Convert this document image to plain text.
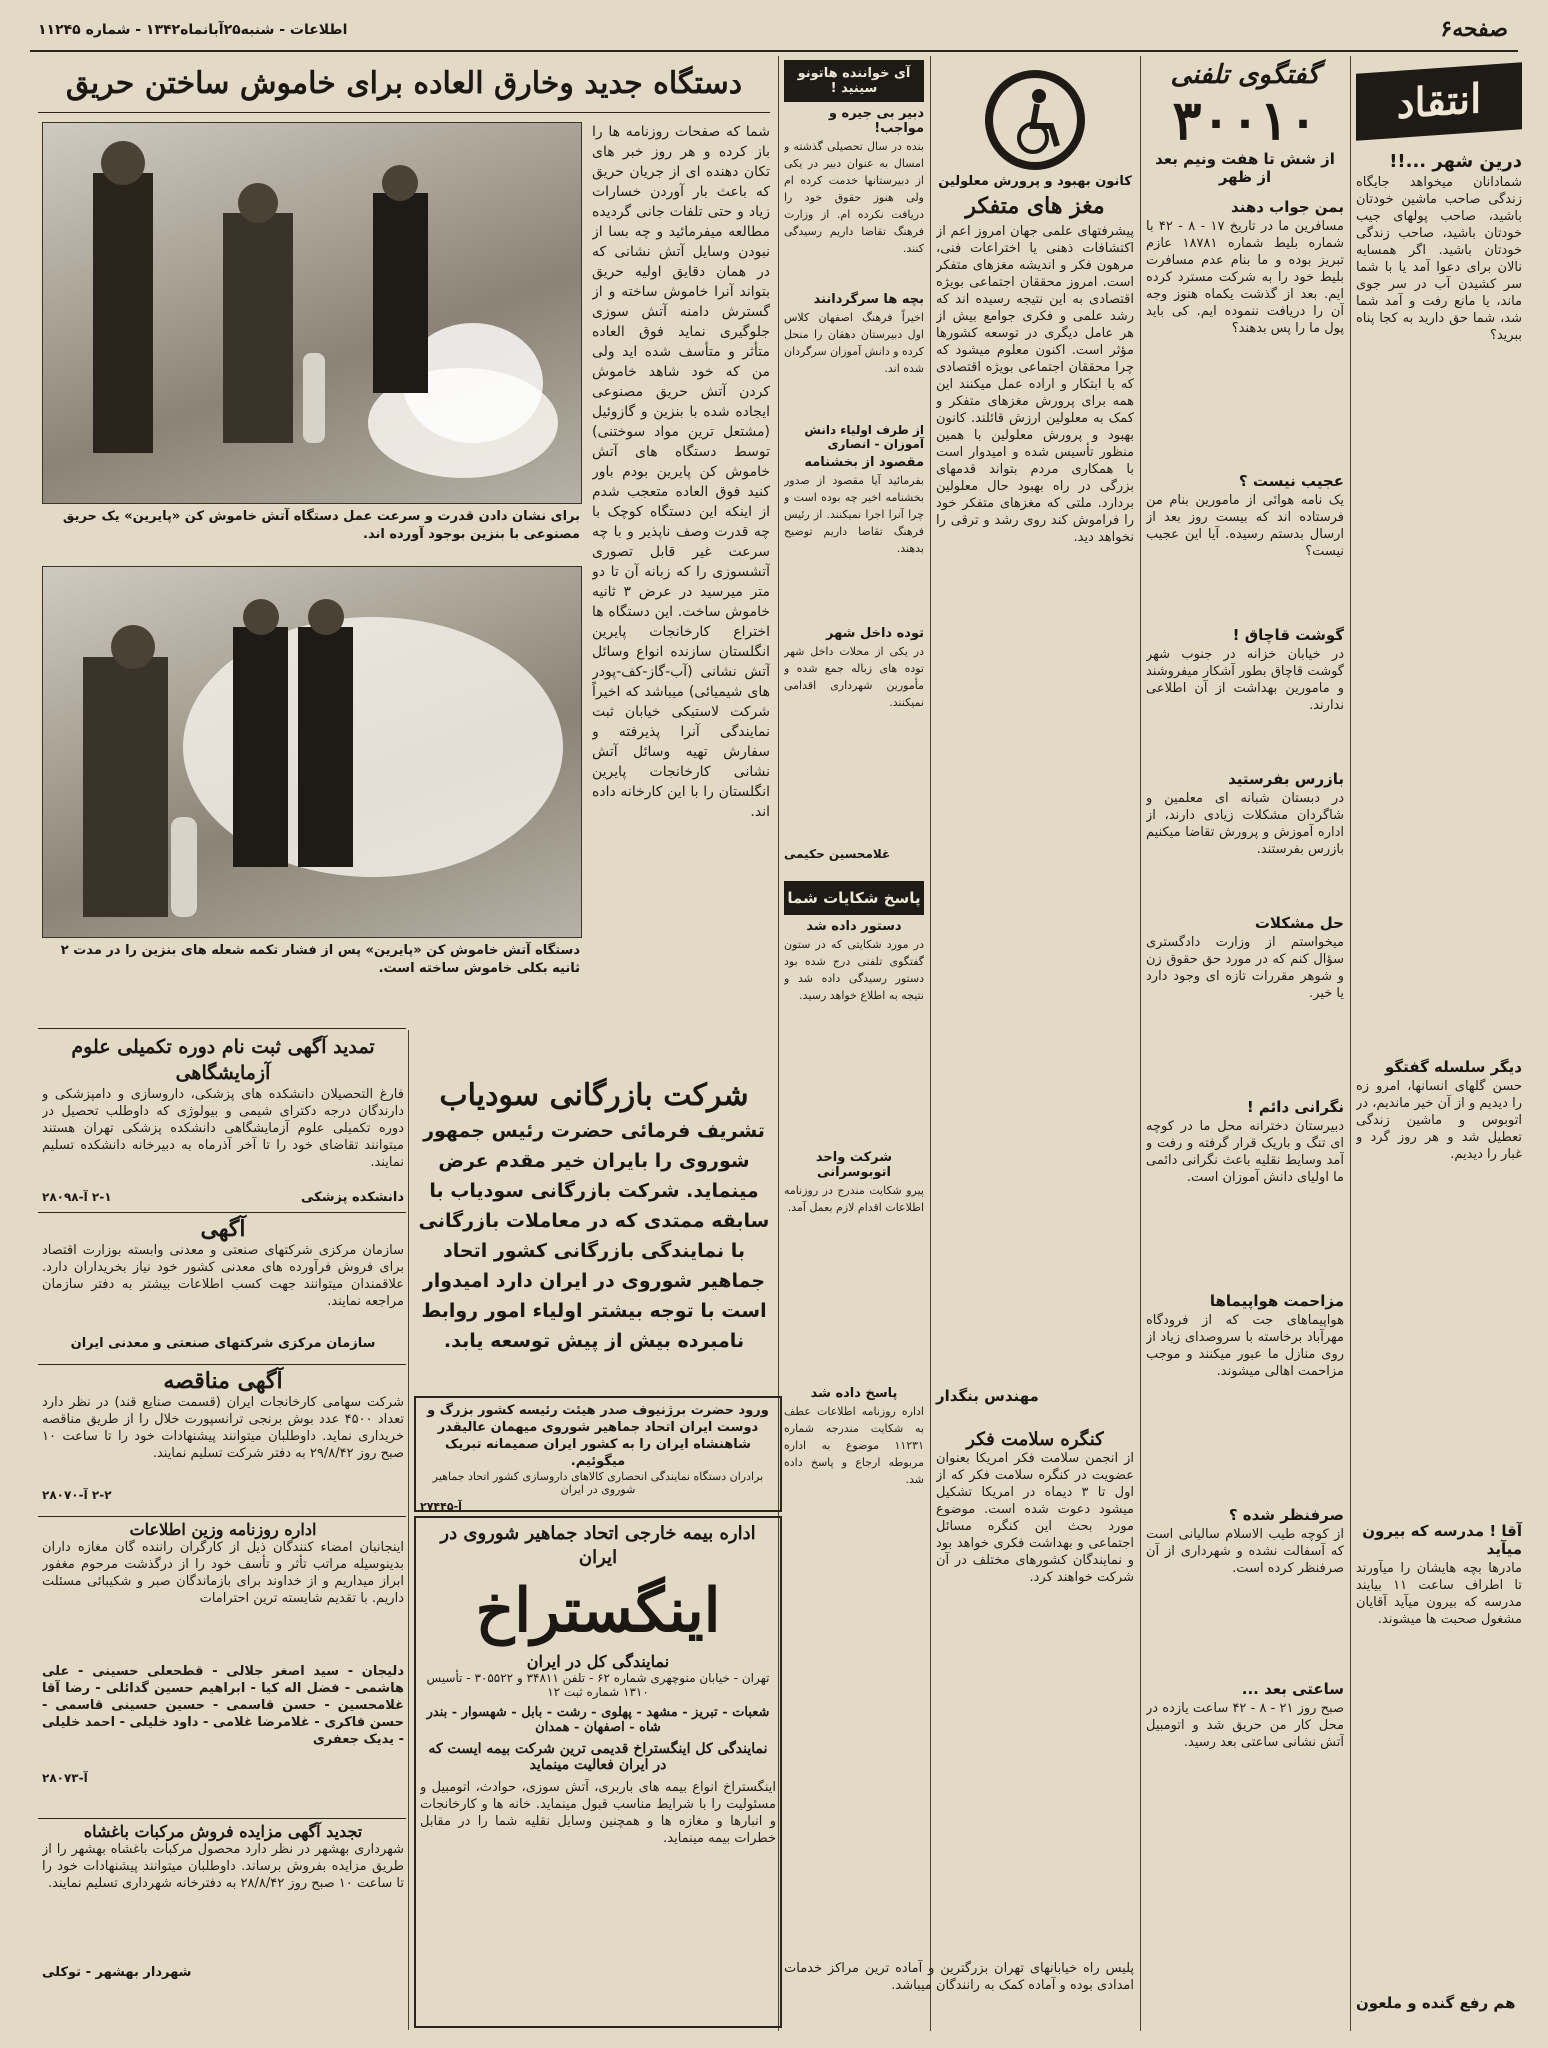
صفحه۶
اطلاعات - شنبه۲۵آبانماه۱۳۴۲ - شماره ۱۱۲۴۵
انتقاد
درین شهر ...!!
شمادانان میخواهد جایگاه زندگی صاحب ماشین خودتان باشید، صاحب پولهای جیب خودتان باشید، صاحب زندگی خودتان باشید. اگر همسایه نالان برای دعوا آمد یا با شما سر کشیدن آب در سر جوی ماند، یا مانع رفت و آمد شما شد، شما حق دارید به کجا پناه ببرید؟
دیگر سلسله گفتگو
حسن گلهای انسانها، امرو زه را دیدیم و از آن خیر ماندیم، در اتوبوس و ماشین زندگی تعطیل شد و هر روز گرد و غبار را دیدیم.
آقا ! مدرسه که بیرون میآید
مادرها بچه هایشان را میآورند تا اطراف ساعت ۱۱ بیایند مدرسه که بیرون میآید آقایان مشغول صحبت ها میشوند.
هم رفع گنده و ملعون
گفتگوی تلفنی
۳۰۰۱۰
از شش تا هفت ونیم بعد از ظهر
بمن جواب دهند
مسافرین ما در تاریخ ۱۷ - ۸ - ۴۲ با شماره بلیط شماره ۱۸۷۸۱ عازم تبریز بوده و ما بنام عدم مسافرت بلیط خود را به شرکت مسترد کرده ایم. بعد از گذشت یکماه هنوز وجه آن را دریافت ننموده ایم. کی باید پول ما را پس بدهند؟
عجیب نیست ؟
یک نامه هوائی از مامورین بنام من فرستاده اند که بیست روز بعد از ارسال بدستم رسیده. آیا این عجیب نیست؟
گوشت قاچاق !
در خیابان خزانه در جنوب شهر گوشت قاچاق بطور آشکار میفروشند و مامورین بهداشت از آن اطلاعی ندارند.
بازرس بفرستید
در دبستان شبانه ای معلمین و شاگردان مشکلات زیادی دارند، از اداره آموزش و پرورش تقاضا میکنیم بازرس بفرستند.
حل مشکلات
میخواستم از وزارت دادگستری سؤال کنم که در مورد حق حقوق زن و شوهر مقررات تازه ای وجود دارد یا خیر.
نگرانی دائم !
دبیرستان دخترانه محل ما در کوچه ای تنگ و باریک قرار گرفته و رفت و آمد وسایط نقلیه باعث نگرانی دائمی ما اولیای دانش آموزان است.
مزاحمت هواپیماها
هواپیماهای جت که از فرودگاه مهرآباد برخاسته با سروصدای زیاد از روی منازل ما عبور میکنند و موجب مزاحمت اهالی میشوند.
صرفنظر شده ؟
از کوچه طیب الاسلام سالیانی است که آسفالت نشده و شهرداری از آن صرفنظر کرده است.
ساعتی بعد ...
صبح روز ۲۱ - ۸ - ۴۲ ساعت یازده در محل کار من حریق شد و اتومبیل آتش نشانی ساعتی بعد رسید.
کانون بهبود و پرورش معلولین
مغز های متفکر
پیشرفتهای علمی جهان امروز اعم از اکتشافات ذهنی یا اختراعات فنی، مرهون فکر و اندیشه مغزهای متفکر است. امروز محققان اجتماعی بویژه اقتصادی به این نتیجه رسیده اند که رشد علمی و فکری جوامع بیش از هر عامل دیگری در توسعه کشورها مؤثر است. اکنون معلوم میشود که چرا محققان اجتماعی بویژه اقتصادی که با ابتکار و اراده عمل میکنند این همه برای پرورش مغزهای متفکر و کمک به معلولین ارزش قائلند. کانون بهبود و پرورش معلولین با همین منظور تأسیس شده و امیدوار است با همکاری مردم بتواند قدمهای بزرگی در راه بهبود حال معلولین بردارد. ملتی که مغزهای متفکر خود را فراموش کند روی رشد و ترقی را نخواهد دید.
مهندس بنگدار
کنگره سلامت فکر
از انجمن سلامت فکر امریکا بعنوان عضویت در کنگره سلامت فکر که از اول تا ۳ دیماه در امریکا تشکیل میشود دعوت شده است. موضوع مورد بحث این کنگره مسائل اجتماعی و بهداشت فکری خواهد بود و نمایندگان کشورهای مختلف در آن شرکت خواهند کرد.
آی خواننده هاتونو سینید !
دبیر بی جیره و مواجب!
بنده در سال تحصیلی گذشته و امسال به عنوان دبیر در یکی از دبیرستانها خدمت کرده ام ولی هنوز حقوق خود را دریافت نکرده ام. از وزارت فرهنگ تقاضا داریم رسیدگی کنند.
بچه ها سرگردانند
اخیراً فرهنگ اصفهان کلاس اول دبیرستان دهقان را منحل کرده و دانش آموزان سرگردان شده اند.
از طرف اولیاء دانش آموزان - انصاری
مقصود از بخشنامه
بفرمائید آیا مقصود از صدور بخشنامه اخیر چه بوده است و چرا آنرا اجرا نمیکنند. از رئیس فرهنگ تقاضا داریم توضیح بدهند.
توده داخل شهر
در یکی از محلات داخل شهر توده های زباله جمع شده و مأمورین شهرداری اقدامی نمیکنند.
غلامحسین حکیمی
پاسخ شکایات شما
دستور داده شد
در مورد شکایتی که در ستون گفتگوی تلفنی درج شده بود دستور رسیدگی داده شد و نتیجه به اطلاع خواهد رسید.
شرکت واحد اتوبوسرانی
پیرو شکایت مندرج در روزنامه اطلاعات اقدام لازم بعمل آمد.
پاسخ داده شد
اداره روزنامه اطلاعات عطف به شکایت مندرجه شماره ۱۱۲۳۱ موضوع به اداره مربوطه ارجاع و پاسخ داده شد.
دستگاه جدید وخارق العاده برای خاموش ساختن حریق
برای نشان دادن قدرت و سرعت عمل دستگاه آتش خاموش کن «پایرین» یک حریق مصنوعی با بنزین بوجود آورده اند.
دستگاه آتش خاموش کن «پایرین» پس از فشار تکمه شعله های بنزین را در مدت ۲ ثانیه بکلی خاموش ساخته است.
شما که صفحات روزنامه ها را باز کرده و هر روز خبر های تکان دهنده ای از جریان حریق که باعث بار آوردن خسارات زیاد و حتی تلفات جانی گردیده مطالعه میفرمائید و چه بسا از نبودن وسایل آتش نشانی که در همان دقایق اولیه حریق بتواند آنرا خاموش ساخته و از گسترش دامنه آتش سوزی جلوگیری نماید فوق العاده متأثر و متأسف شده اید ولی من که خود شاهد خاموش کردن آتش حریق مصنوعی ایجاده شده با بنزین و گازوئیل (مشتعل ترین مواد سوختنی) توسط دستگاه های آتش خاموش کن پایرین بودم باور کنید فوق العاده متعجب شدم از اینکه این دستگاه کوچک با چه قدرت وصف ناپذیر و با چه سرعت غیر قابل تصوری آتشسوزی را که زبانه آن تا دو متر میرسید در عرض ۳ ثانیه خاموش ساخت. این دستگاه ها اختراع کارخانجات پایرین انگلستان سازنده انواع وسائل آتش نشانی (آب-گاز-کف-پودر های شیمیائی) میباشد که اخیراً شرکت لاستیکی خیابان ثبت نمایندگی آنرا پذیرفته و سفارش تهیه وسائل آتش نشانی کارخانجات پایرین انگلستان را با این کارخانه داده اند.
تمدید آگهی ثبت نام دوره تکمیلی علوم آزمایشگاهی
فارغ التحصیلان دانشکده های پزشکی، داروسازی و دامپزشکی و دارندگان درجه دکترای شیمی و بیولوژی که داوطلب تحصیل در دوره تکمیلی علوم آزمایشگاهی دانشکده پزشکی تهران هستند میتوانند تقاضای خود را تا آخر آذرماه به دبیرخانه دانشکده تسلیم نمایند.
دانشکده پزشکی
۲-۱ آ-۲۸۰۹۸
آگهی
سازمان مرکزی شرکتهای صنعتی و معدنی وابسته بوزارت اقتصاد برای فروش فرآورده های معدنی کشور خود نیاز بخریداران دارد. علاقمندان میتوانند جهت کسب اطلاعات بیشتر به دفتر سازمان مراجعه نمایند.
سازمان مرکزی شرکتهای صنعتی و معدنی ایران
آگهی مناقصه
شرکت سهامی کارخانجات ایران (قسمت صنایع قند) در نظر دارد تعداد ۴۵۰۰ عدد بوش برنجی ترانسپورت خلال را از طریق مناقصه خریداری نماید. داوطلبان میتوانند پیشنهادات خود را تا ساعت ۱۰ صبح روز ۲۹/۸/۴۲ به دفتر شرکت تسلیم نمایند.
۲-۲ آ-۲۸۰۷۰
اداره روزنامه وزین اطلاعات
اینجانبان امضاء کنندگان ذیل از کارگران راننده گان مغازه داران بدینوسیله مراتب تأثر و تأسف خود را از درگذشت مرحوم مغفور ابراز میداریم و از خداوند برای بازماندگان صبر و شکیبائی مسئلت داریم. با تقدیم شایسته ترین احترامات
دلیجان - سید اصغر جلالی - قطحعلی حسینی - علی هاشمی - فضل اله کیا - ابراهیم حسین گدائلی - رضا آقا غلامحسین - حسن قاسمی - حسین حسینی قاسمی - حسن فاکری - غلامرضا غلامی - داود خلیلی - احمد خلیلی - یدیک جعفری
آ-۲۸۰۷۳
تجدید آگهی مزایده فروش مرکبات باغشاه
شهرداری بهشهر در نظر دارد محصول مرکبات باغشاه بهشهر را از طریق مزایده بفروش برساند. داوطلبان میتوانند پیشنهادات خود را تا ساعت ۱۰ صبح روز ۲۸/۸/۴۲ به دفترخانه شهرداری تسلیم نمایند.
شهردار بهشهر - توکلی
شرکت بازرگانی سودیاب
تشریف فرمائی حضرت رئیس جمهور شوروی را بایران خیر مقدم عرض مینماید. شرکت بازرگانی سودیاب با سابقه ممتدی که در معاملات بازرگانی با نمایندگی بازرگانی کشور اتحاد جماهیر شوروی در ایران دارد امیدوار است با توجه بیشتر اولیاء امور روابط نامبرده بیش از پیش توسعه یابد.
ورود حضرت برژنیوف صدر هیئت رئیسه کشور بزرگ و دوست ایران اتحاد جماهیر شوروی میهمان عالیقدر شاهنشاه ایران را به کشور ایران صمیمانه تبریک میگوئیم.
برادران دستگاه نمایندگی انحصاری کالاهای داروسازی کشور اتحاد جماهیر شوروی در ایران
آ-۲۷۴۴۵
اداره بیمه خارجی اتحاد جماهیر شوروی در ایران
اینگستراخ
نمایندگی کل در ایران
تهران - خیابان منوچهری شماره ۶۲ - تلفن ۳۴۸۱۱ و ۳۰۵۵۲۲ - تأسیس ۱۳۱۰ شماره ثبت ۱۲
شعبات - تبریز - مشهد - پهلوی - رشت - بابل - شهسوار - بندر شاه - اصفهان - همدان
نمایندگی کل اینگستراخ قدیمی ترین شرکت بیمه ایست که در ایران فعالیت مینماید
اینگستراخ انواع بیمه های باربری، آتش سوزی، حوادث، اتومبیل و مسئولیت را با شرایط مناسب قبول مینماید. خانه ها و کارخانجات و انبارها و مغازه ها و همچنین وسایل نقلیه شما را در مقابل خطرات بیمه مینماید.
پلیس راه خیابانهای تهران بزرگترین و آماده ترین مراکز خدمات امدادی بوده و آماده کمک به رانندگان میباشد.
